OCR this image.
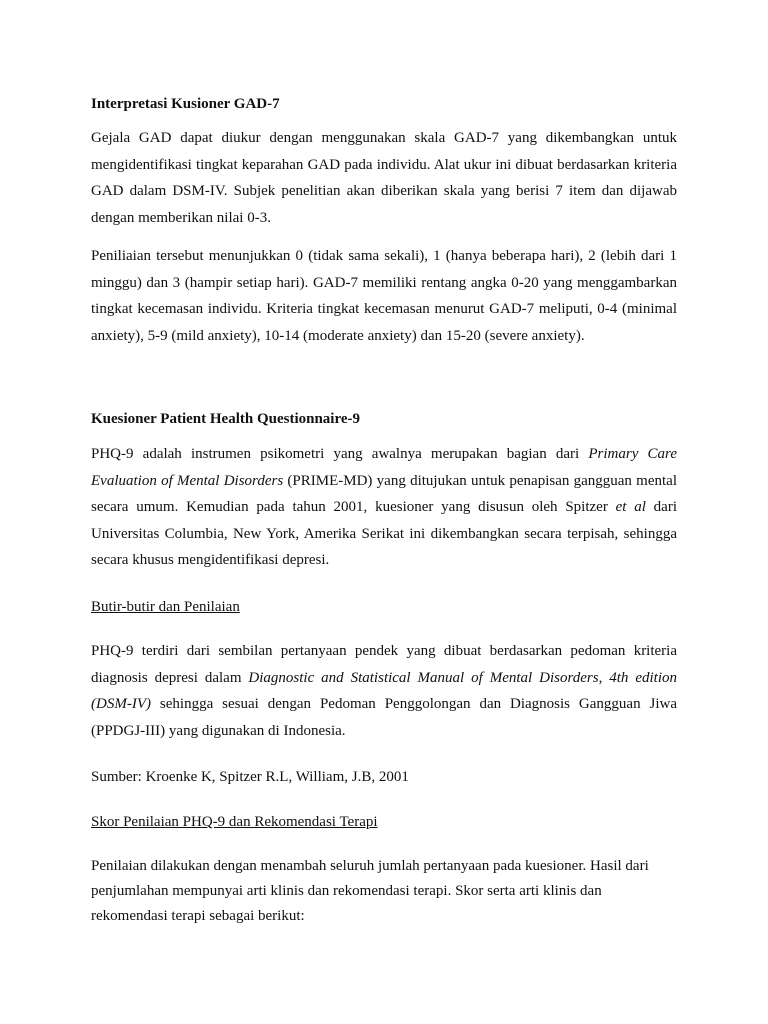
Interpretasi Kusioner GAD-7

Gejala GAD dapat diukur dengan menggunakan skala GAD-7 yang dikembangkan untuk mengidentifikasi tingkat keparahan GAD pada individu. Alat ukur ini dibuat berdasarkan kriteria GAD dalam DSM-IV. Subjek penelitian akan diberikan skala yang berisi 7 item dan dijawab dengan memberikan nilai 0-3.

Peniliaian tersebut menunjukkan 0 (tidak sama sekali), 1 (hanya beberapa hari), 2 (lebih dari 1 minggu) dan 3 (hampir setiap hari). GAD-7 memiliki rentang angka 0-20 yang menggambarkan tingkat kecemasan individu. Kriteria tingkat kecemasan menurut GAD-7 meliputi, 0-4 (minimal anxiety), 5-9 (mild anxiety), 10-14 (moderate anxiety) dan 15-20 (severe anxiety).

Kuesioner Patient Health Questionnaire-9

PHQ-9 adalah instrumen psikometri yang awalnya merupakan bagian dari Primary Care Evaluation of Mental Disorders (PRIME-MD) yang ditujukan untuk penapisan gangguan mental secara umum. Kemudian pada tahun 2001, kuesioner yang disusun oleh Spitzer et al dari Universitas Columbia, New York, Amerika Serikat ini dikembangkan secara terpisah, sehingga secara khusus mengidentifikasi depresi.

Butir-butir dan Penilaian

PHQ-9 terdiri dari sembilan pertanyaan pendek yang dibuat berdasarkan pedoman kriteria diagnosis depresi dalam Diagnostic and Statistical Manual of Mental Disorders, 4th edition (DSM-IV) sehingga sesuai dengan Pedoman Penggolongan dan Diagnosis Gangguan Jiwa (PPDGJ-III) yang digunakan di Indonesia.

Sumber: Kroenke K, Spitzer R.L, William, J.B, 2001
Skor Penilaian PHQ-9 dan Rekomendasi Terapi

Penilaian dilakukan dengan menambah seluruh jumlah pertanyaan pada kuesioner. Hasil dari penjumlahan mempunyai arti klinis dan rekomendasi terapi. Skor serta arti klinis dan rekomendasi terapi sebagai berikut:
